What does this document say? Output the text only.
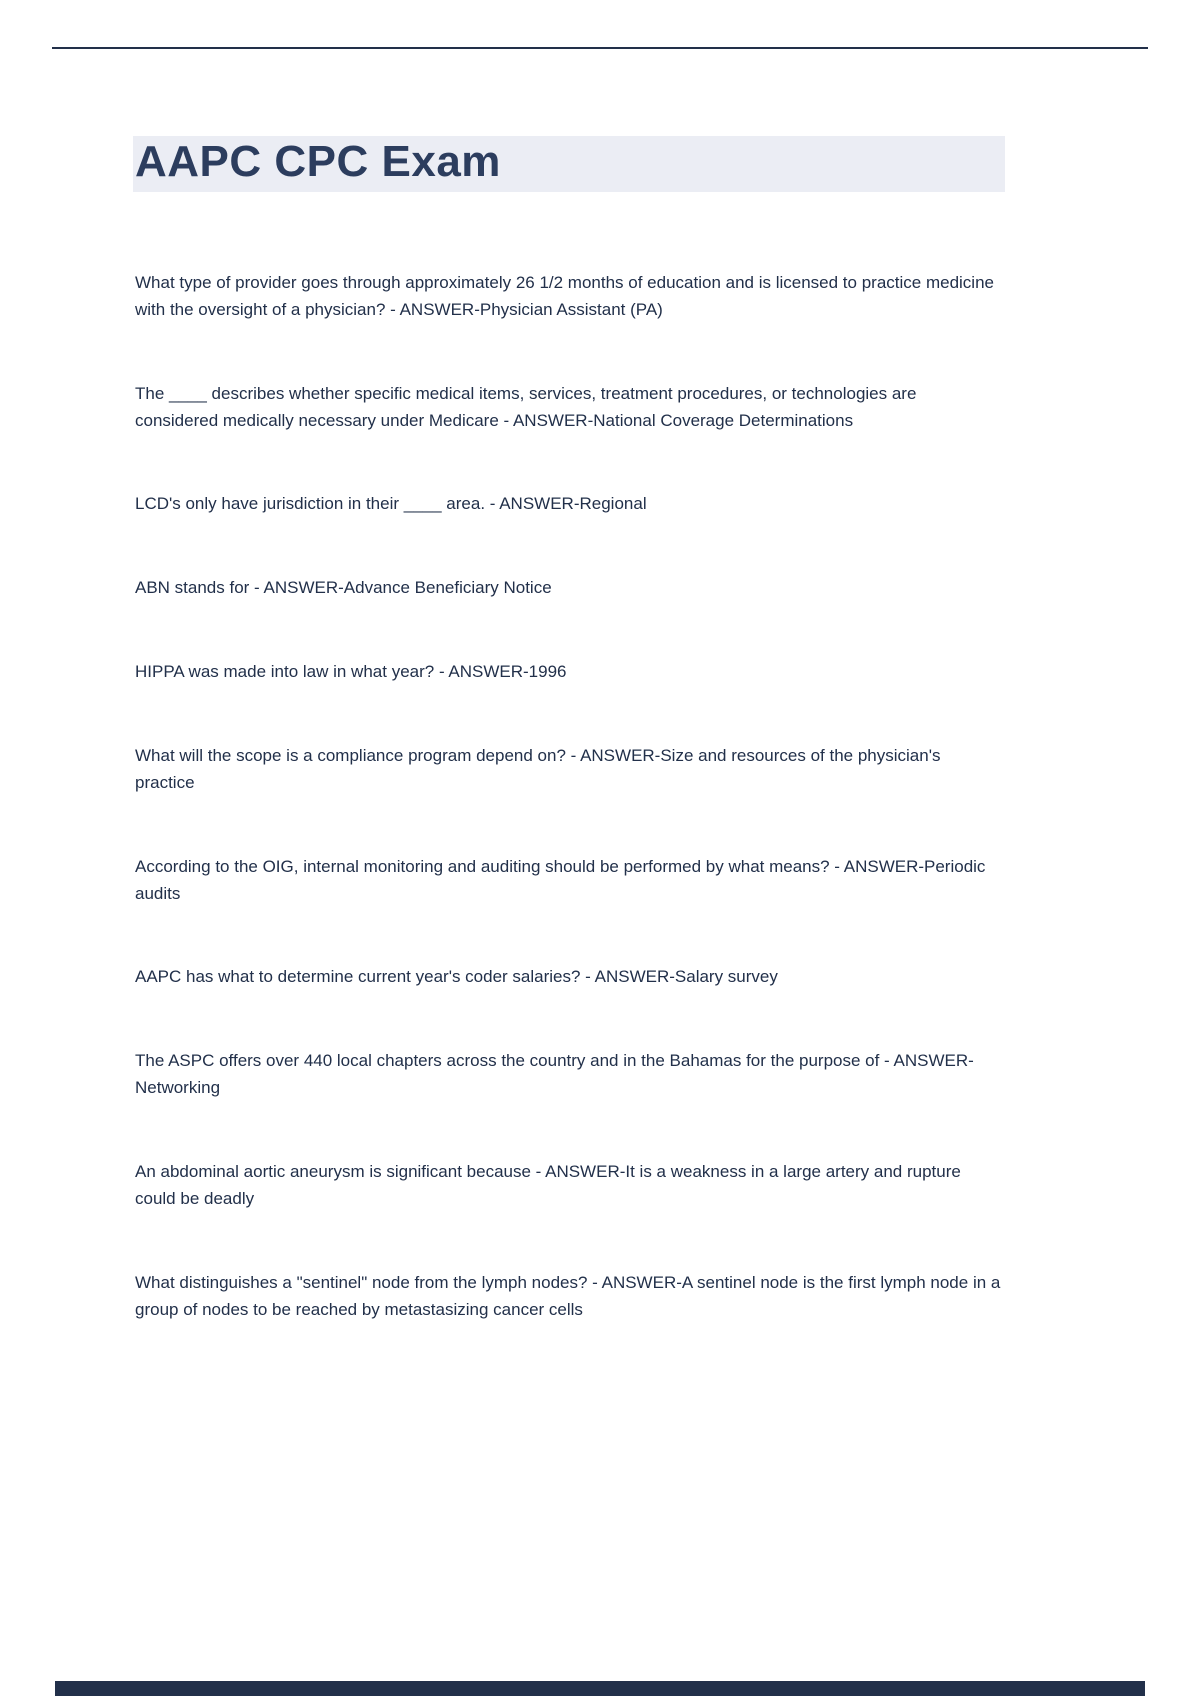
AAPC CPC Exam

What type of provider goes through approximately 26 1/2 months of education and is licensed to practice medicine with the oversight of a physician? - ANSWER-Physician Assistant (PA)

The ____ describes whether specific medical items, services, treatment procedures, or technologies are considered medically necessary under Medicare - ANSWER-National Coverage Determinations

LCD's only have jurisdiction in their ____ area. - ANSWER-Regional

ABN stands for - ANSWER-Advance Beneficiary Notice

HIPPA was made into law in what year? - ANSWER-1996

What will the scope is a compliance program depend on? - ANSWER-Size and resources of the physician's practice

According to the OIG, internal monitoring and auditing should be performed by what means? - ANSWER-Periodic audits

AAPC has what to determine current year's coder salaries? - ANSWER-Salary survey

The ASPC offers over 440 local chapters across the country and in the Bahamas for the purpose of - ANSWER-Networking

An abdominal aortic aneurysm is significant because - ANSWER-It is a weakness in a large artery and rupture could be deadly

What distinguishes a "sentinel" node from the lymph nodes? - ANSWER-A sentinel node is the first lymph node in a group of nodes to be reached by metastasizing cancer cells
